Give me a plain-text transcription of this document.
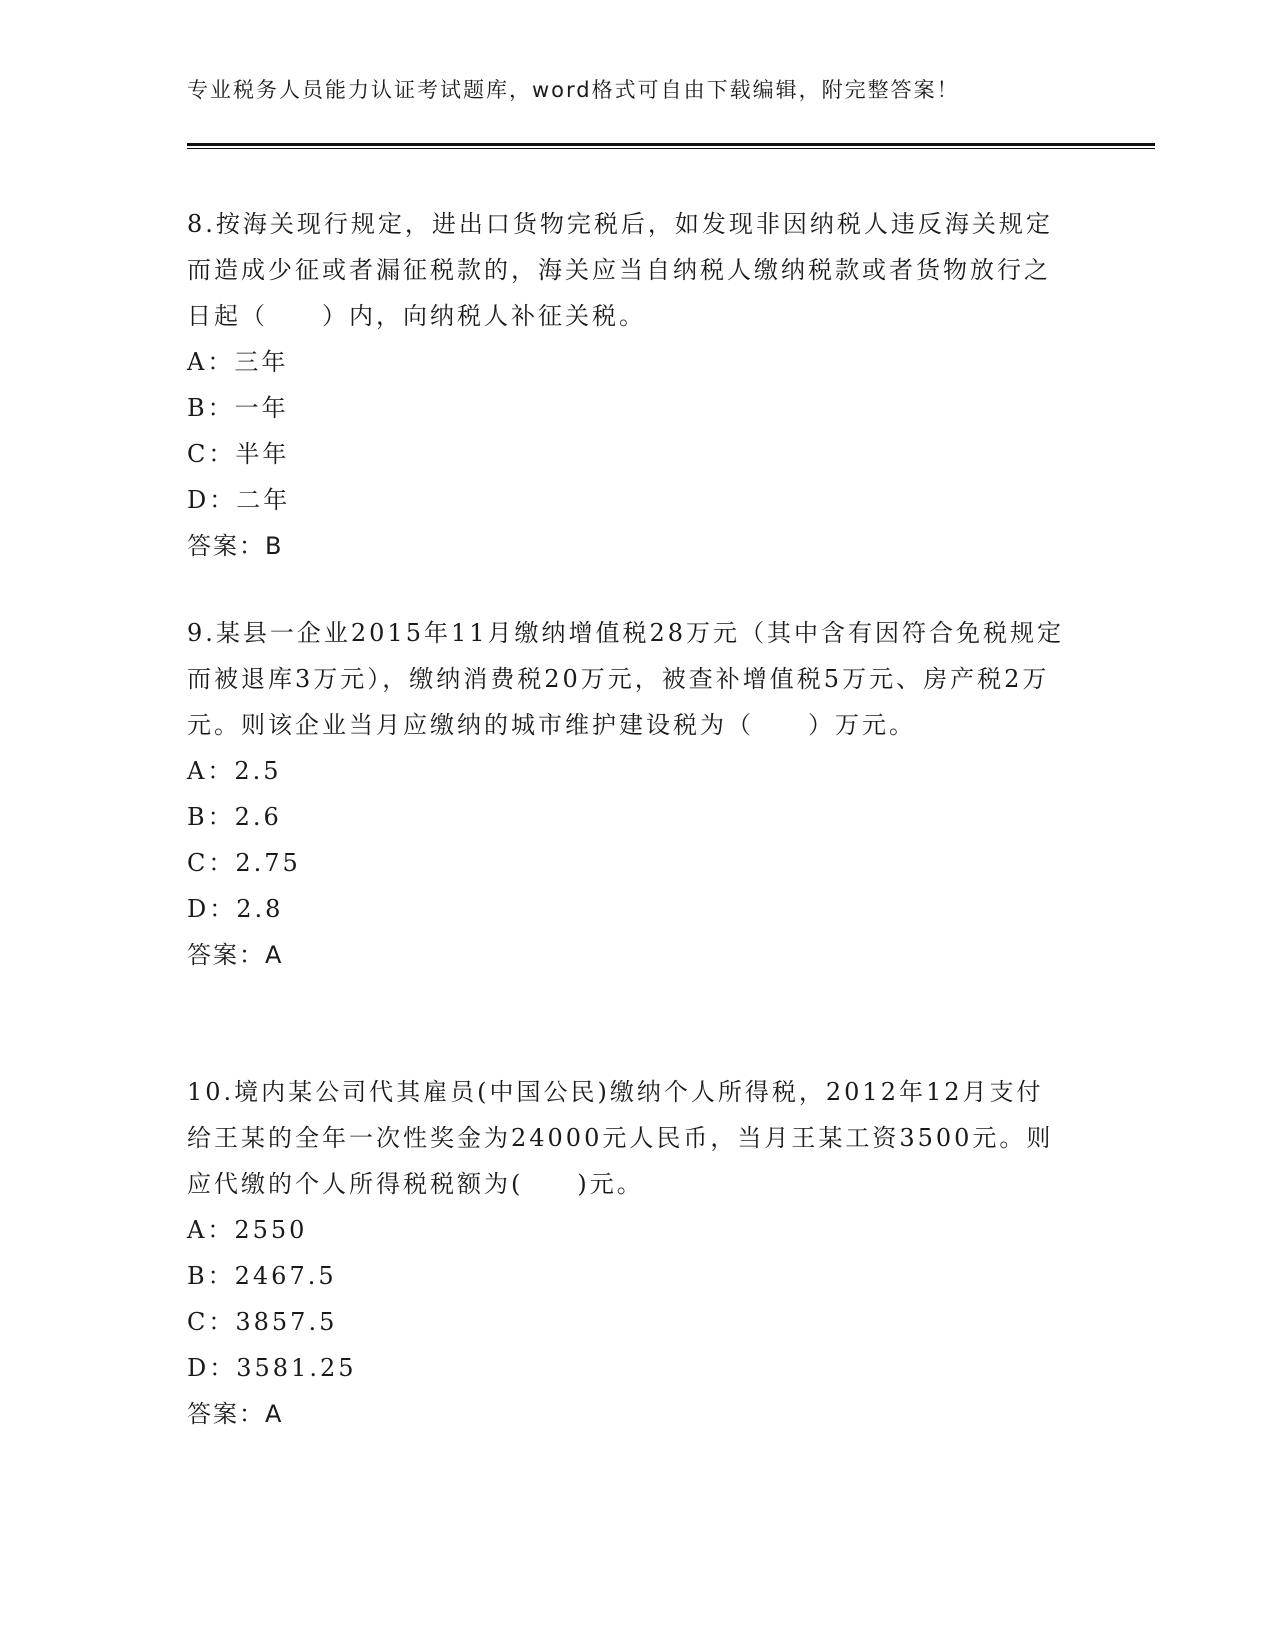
专业税务人员能力认证考试题库，word格式可自由下载编辑，附完整答案！

8.按海关现行规定，进出口货物完税后，如发现非因纳税人违反海关规定而造成少征或者漏征税款的，海关应当自纳税人缴纳税款或者货物放行之日起（　　）内，向纳税人补征关税。

A：三年
B：一年
C：半年
D：二年
答案：B

9.某县一企业2015年11月缴纳增值税28万元（其中含有因符合免税规定而被退库3万元），缴纳消费税20万元，被查补增值税5万元、房产税2万元。则该企业当月应缴纳的城市维护建设税为（　　）万元。

A：2.5
B：2.6
C：2.75
D：2.8
答案：A

10.境内某公司代其雇员(中国公民)缴纳个人所得税，2012年12月支付给王某的全年一次性奖金为24000元人民币，当月王某工资3500元。则应代缴的个人所得税税额为(　　)元。

A：2550
B：2467.5
C：3857.5
D：3581.25
答案：A
